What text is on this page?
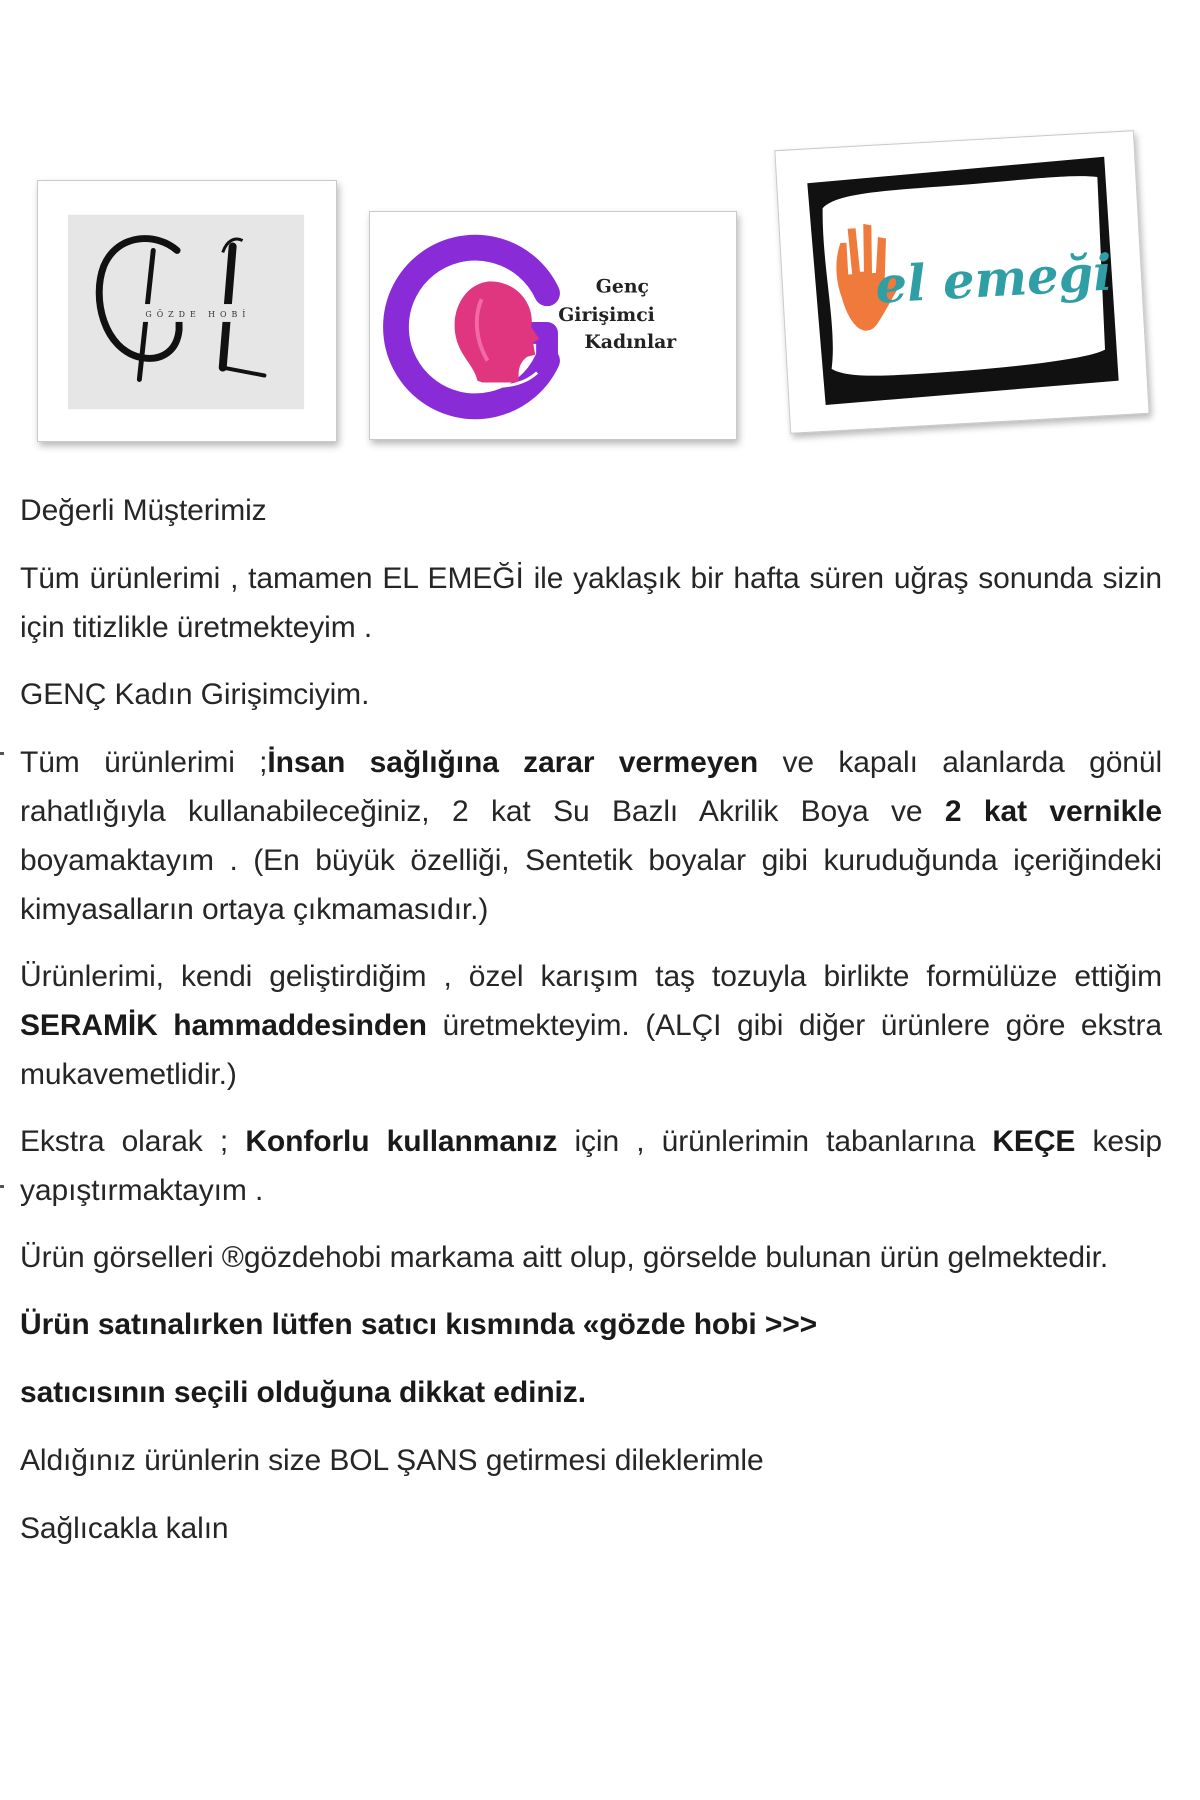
GÖZDE HOBİ
Genç
Girişimci
Kadınlar
el emeği

Değerli Müşterimiz

Tüm ürünlerimi , tamamen EL EMEĞİ ile yaklaşık bir hafta süren uğraş sonunda sizin için titizlikle üretmekteyim .

GENÇ Kadın Girişimciyim.

Tüm ürünlerimi ;İnsan sağlığına zarar vermeyen ve kapalı alanlarda gönül rahatlığıyla kullanabileceğiniz, 2 kat Su Bazlı Akrilik Boya ve 2 kat vernikle boyamaktayım . (En büyük özelliği, Sentetik boyalar gibi kuruduğunda içeriğindeki kimyasalların ortaya çıkmamasıdır.)

Ürünlerimi, kendi geliştirdiğim , özel karışım taş tozuyla birlikte formülüze ettiğim SERAMİK hammaddesinden üretmekteyim. (ALÇI gibi diğer ürünlere göre ekstra mukavemetlidir.)

Ekstra olarak ; Konforlu kullanmanız için , ürünlerimin tabanlarına KEÇE kesip yapıştırmaktayım .

Ürün görselleri ®gözdehobi markama aitt olup, görselde bulunan ürün gelmektedir.

Ürün satınalırken lütfen satıcı kısmında «gözde hobi >>>

satıcısının seçili olduğuna dikkat ediniz.

Aldığınız ürünlerin size BOL ŞANS getirmesi dileklerimle

Sağlıcakla kalın
